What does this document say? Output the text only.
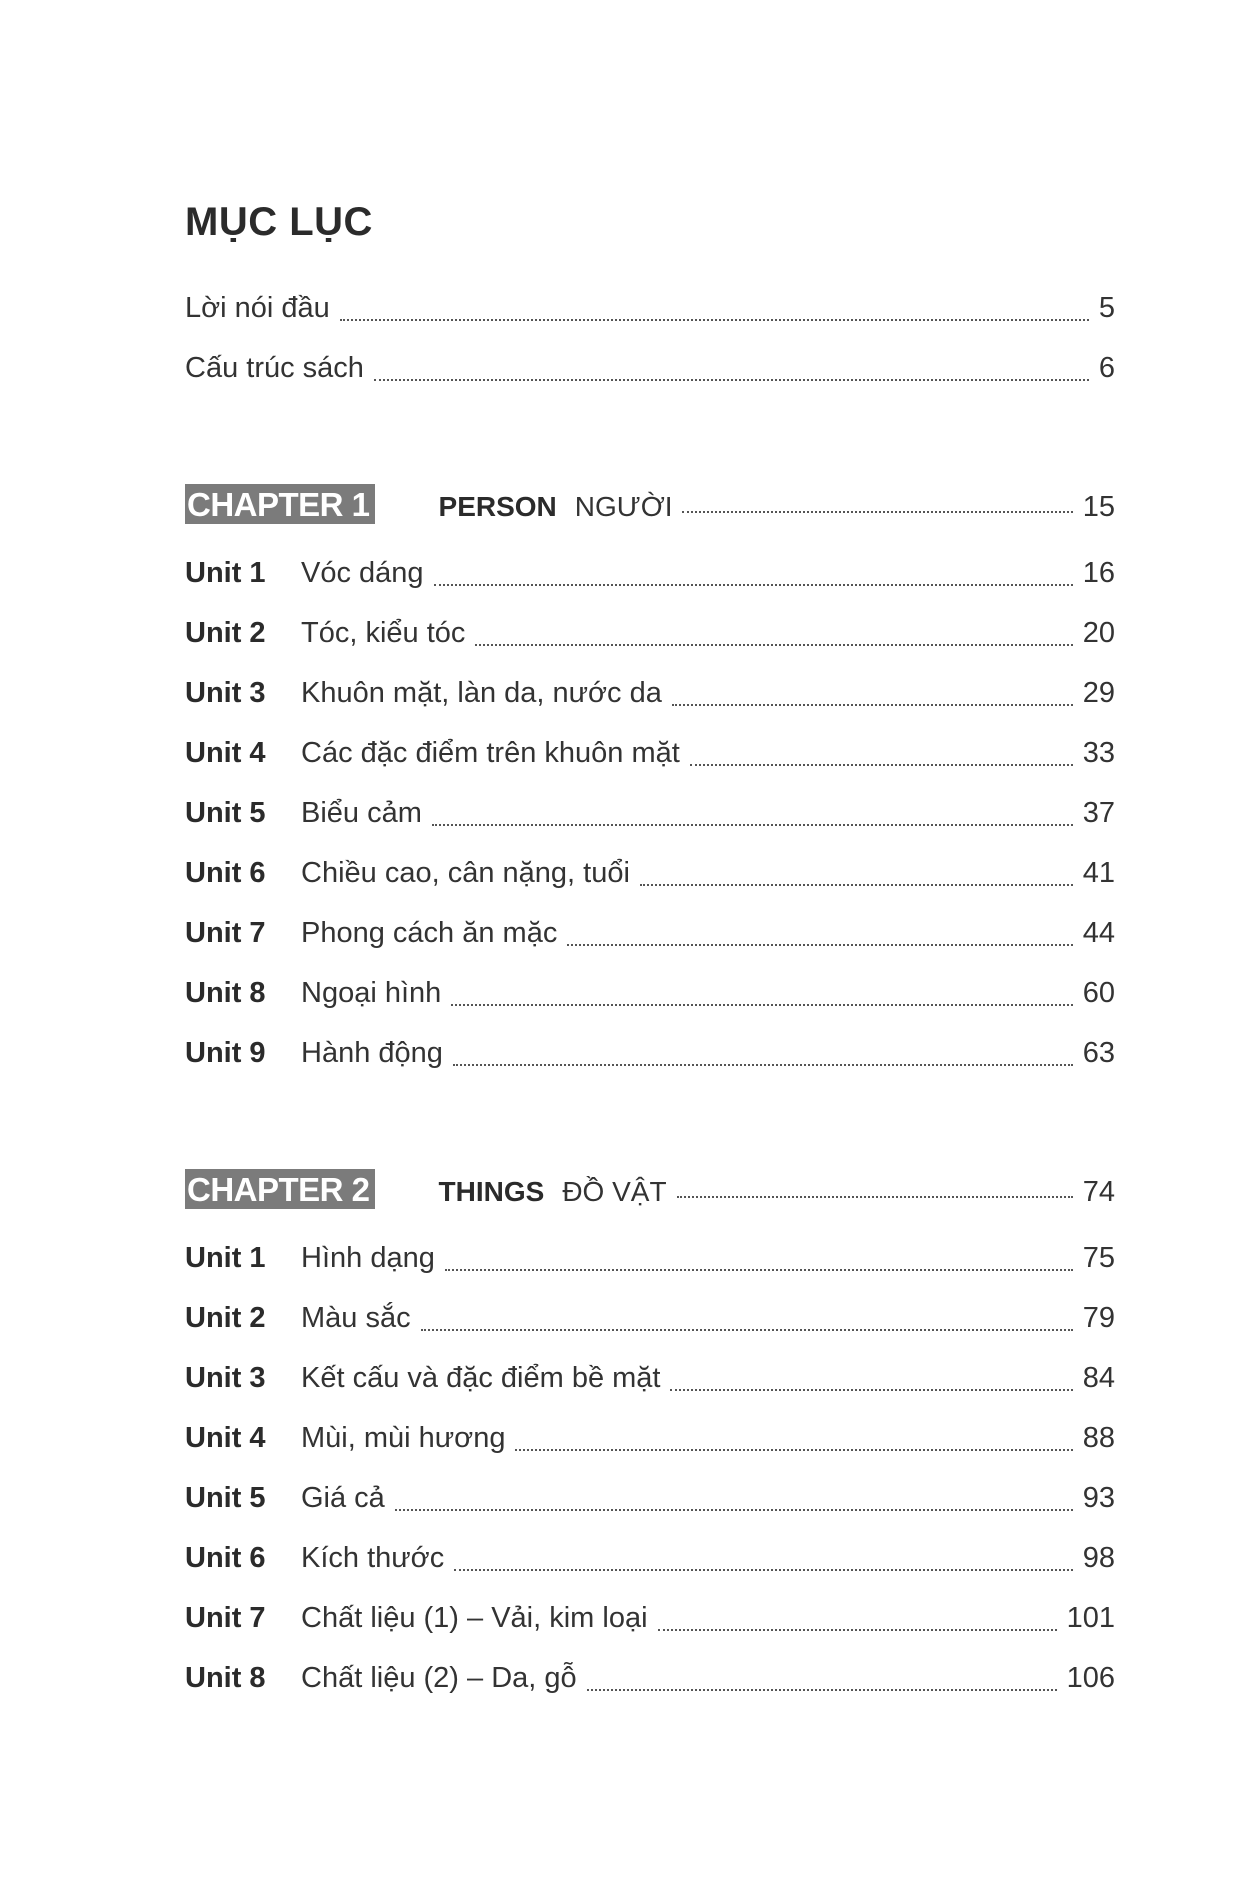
MỤC LỤC
Lời nói đầu	5
Cấu trúc sách	6
CHAPTER 1 PERSON NGƯỜI	15
Unit 1	Vóc dáng	16
Unit 2	Tóc, kiểu tóc	20
Unit 3	Khuôn mặt, làn da, nước da	29
Unit 4	Các đặc điểm trên khuôn mặt	33
Unit 5	Biểu cảm	37
Unit 6	Chiều cao, cân nặng, tuổi	41
Unit 7	Phong cách ăn mặc	44
Unit 8	Ngoại hình	60
Unit 9	Hành động	63
CHAPTER 2 THINGS ĐỒ VẬT	74
Unit 1	Hình dạng	75
Unit 2	Màu sắc	79
Unit 3	Kết cấu và đặc điểm bề mặt	84
Unit 4	Mùi, mùi hương	88
Unit 5	Giá cả	93
Unit 6	Kích thước	98
Unit 7	Chất liệu (1) – Vải, kim loại	101
Unit 8	Chất liệu (2) – Da, gỗ	106
